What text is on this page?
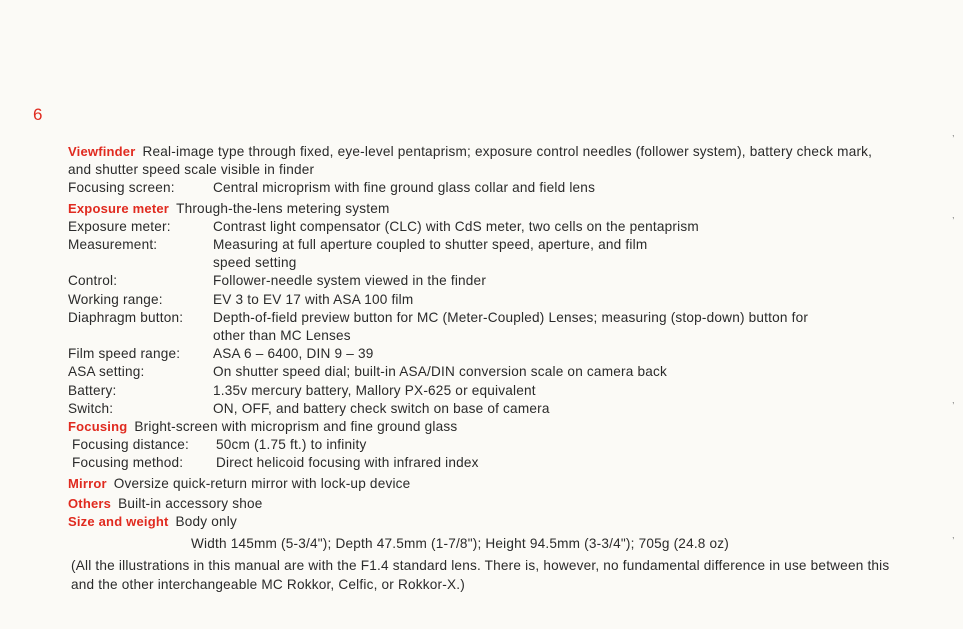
6
Viewfinder Real-image type through fixed, eye-level pentaprism; exposure control needles (follower system), battery check mark, and shutter speed scale visible in finder
Focusing screen:	Central microprism with fine ground glass collar and field lens
Exposure meter Through-the-lens metering system
Exposure meter:	Contrast light compensator (CLC) with CdS meter, two cells on the pentaprism
Measurement:	Measuring at full aperture coupled to shutter speed, aperture, and film speed setting
Control:	Follower-needle system viewed in the finder
Working range:	EV 3 to EV 17 with ASA 100 film
Diaphragm button:	Depth-of-field preview button for MC (Meter-Coupled) Lenses; measuring (stop-down) button for other than MC Lenses
Film speed range:	ASA 6 – 6400, DIN 9 – 39
ASA setting:	On shutter speed dial; built-in ASA/DIN conversion scale on camera back
Battery:	1.35v mercury battery, Mallory PX-625 or equivalent
Switch:	ON, OFF, and battery check switch on base of camera
Focusing Bright-screen with microprism and fine ground glass
Focusing distance:	50cm (1.75 ft.) to infinity
Focusing method:	Direct helicoid focusing with infrared index
Mirror Oversize quick-return mirror with lock-up device
Others Built-in accessory shoe
Size and weight Body only
Width 145mm (5-3/4"); Depth 47.5mm (1-7/8"); Height 94.5mm (3-3/4"); 705g (24.8 oz)
(All the illustrations in this manual are with the F1.4 standard lens. There is, however, no fundamental difference in use between this and the other interchangeable MC Rokkor, Celfic, or Rokkor-X.)
,
,
,
,
